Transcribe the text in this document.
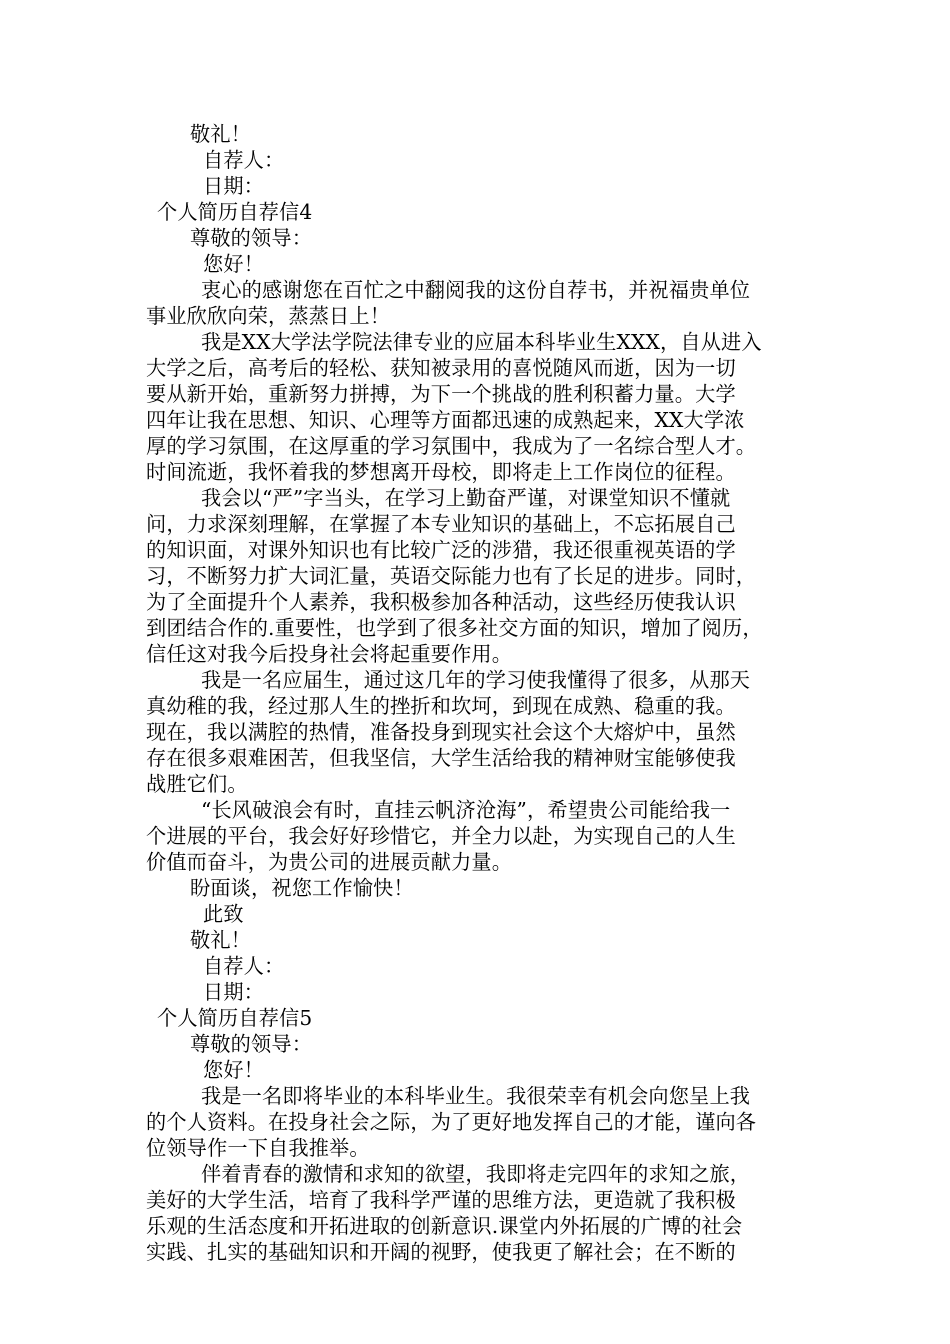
敬礼！
自荐人：
日期：
个人简历自荐信4
尊敬的领导：
您好！
衷心的感谢您在百忙之中翻阅我的这份自荐书，并祝福贵单位
事业欣欣向荣，蒸蒸日上！
我是XX大学法学院法律专业的应届本科毕业生XXX，自从进入
大学之后，高考后的轻松、获知被录用的喜悦随风而逝，因为一切
要从新开始，重新努力拼搏，为下一个挑战的胜利积蓄力量。大学
四年让我在思想、知识、心理等方面都迅速的成熟起来，XX大学浓
厚的学习氛围，在这厚重的学习氛围中，我成为了一名综合型人才。
时间流逝，我怀着我的梦想离开母校，即将走上工作岗位的征程。
我会以“严”字当头，在学习上勤奋严谨，对课堂知识不懂就
问，力求深刻理解，在掌握了本专业知识的基础上，不忘拓展自己
的知识面，对课外知识也有比较广泛的涉猎，我还很重视英语的学
习，不断努力扩大词汇量，英语交际能力也有了长足的进步。同时，
为了全面提升个人素养，我积极参加各种活动，这些经历使我认识
到团结合作的.重要性，也学到了很多社交方面的知识，增加了阅历，
信任这对我今后投身社会将起重要作用。
我是一名应届生，通过这几年的学习使我懂得了很多，从那天
真幼稚的我，经过那人生的挫折和坎坷，到现在成熟、稳重的我。
现在，我以满腔的热情，准备投身到现实社会这个大熔炉中，虽然
存在很多艰难困苦，但我坚信，大学生活给我的精神财宝能够使我
战胜它们。
“长风破浪会有时，直挂云帆济沧海”，希望贵公司能给我一
个进展的平台，我会好好珍惜它，并全力以赴，为实现自己的人生
价值而奋斗，为贵公司的进展贡献力量。
盼面谈，祝您工作愉快！
此致
敬礼！
自荐人：
日期：
个人简历自荐信5
尊敬的领导：
您好！
我是一名即将毕业的本科毕业生。我很荣幸有机会向您呈上我
的个人资料。在投身社会之际，为了更好地发挥自己的才能，谨向各
位领导作一下自我推举。
伴着青春的激情和求知的欲望，我即将走完四年的求知之旅，
美好的大学生活，培育了我科学严谨的思维方法，更造就了我积极
乐观的生活态度和开拓进取的创新意识.课堂内外拓展的广博的社会
实践、扎实的基础知识和开阔的视野，使我更了解社会；在不断的
